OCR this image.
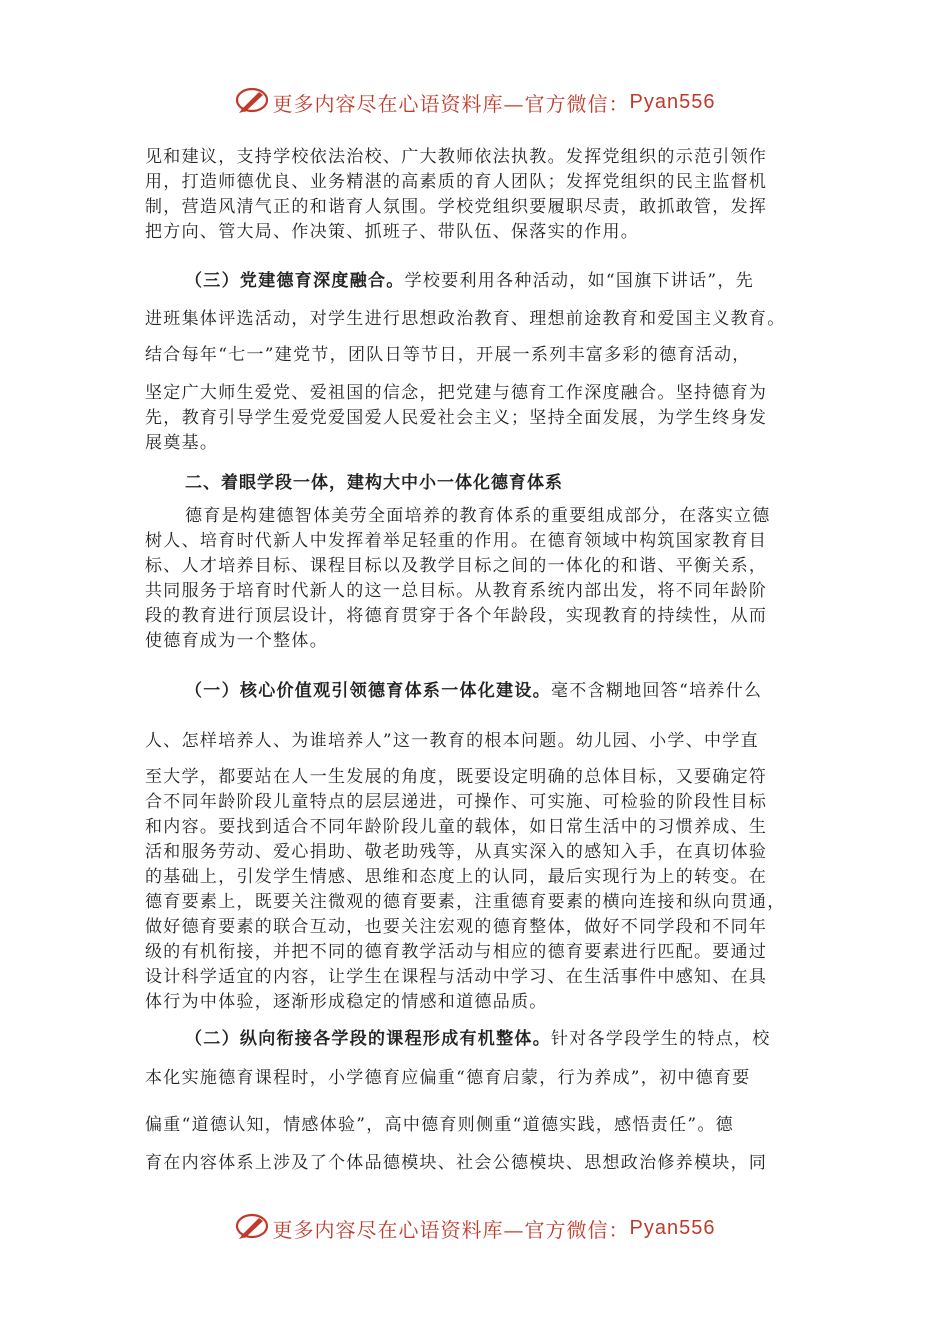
更多内容尽在心语资料库—官方微信：Pyan556
见和建议，支持学校依法治校、广大教师依法执教。发挥党组织的示范引领作
用，打造师德优良、业务精湛的高素质的育人团队；发挥党组织的民主监督机
制，营造风清气正的和谐育人氛围。学校党组织要履职尽责，敢抓敢管，发挥
把方向、管大局、作决策、抓班子、带队伍、保落实的作用。
（三）党建德育深度融合。学校要利用各种活动，如“国旗下讲话”，先
进班集体评选活动，对学生进行思想政治教育、理想前途教育和爱国主义教育。
结合每年“七一”建党节，团队日等节日，开展一系列丰富多彩的德育活动，
坚定广大师生爱党、爱祖国的信念，把党建与德育工作深度融合。坚持德育为
先，教育引导学生爱党爱国爱人民爱社会主义；坚持全面发展，为学生终身发
展奠基。
二、着眼学段一体，建构大中小一体化德育体系
德育是构建德智体美劳全面培养的教育体系的重要组成部分，在落实立德
树人、培育时代新人中发挥着举足轻重的作用。在德育领域中构筑国家教育目
标、人才培养目标、课程目标以及教学目标之间的一体化的和谐、平衡关系，
共同服务于培育时代新人的这一总目标。从教育系统内部出发，将不同年龄阶
段的教育进行顶层设计，将德育贯穿于各个年龄段，实现教育的持续性，从而
使德育成为一个整体。
（一）核心价值观引领德育体系一体化建设。毫不含糊地回答“培养什么
人、怎样培养人、为谁培养人”这一教育的根本问题。幼儿园、小学、中学直
至大学，都要站在人一生发展的角度，既要设定明确的总体目标，又要确定符
合不同年龄阶段儿童特点的层层递进，可操作、可实施、可检验的阶段性目标
和内容。要找到适合不同年龄阶段儿童的载体，如日常生活中的习惯养成、生
活和服务劳动、爱心捐助、敬老助残等，从真实深入的感知入手，在真切体验
的基础上，引发学生情感、思维和态度上的认同，最后实现行为上的转变。在
德育要素上，既要关注微观的德育要素，注重德育要素的横向连接和纵向贯通，
做好德育要素的联合互动，也要关注宏观的德育整体，做好不同学段和不同年
级的有机衔接，并把不同的德育教学活动与相应的德育要素进行匹配。要通过
设计科学适宜的内容，让学生在课程与活动中学习、在生活事件中感知、在具
体行为中体验，逐渐形成稳定的情感和道德品质。
（二）纵向衔接各学段的课程形成有机整体。针对各学段学生的特点，校
本化实施德育课程时，小学德育应偏重“德育启蒙，行为养成”，初中德育要
偏重“道德认知，情感体验”，高中德育则侧重“道德实践，感悟责任”。德
育在内容体系上涉及了个体品德模块、社会公德模块、思想政治修养模块，同
更多内容尽在心语资料库—官方微信：Pyan556
